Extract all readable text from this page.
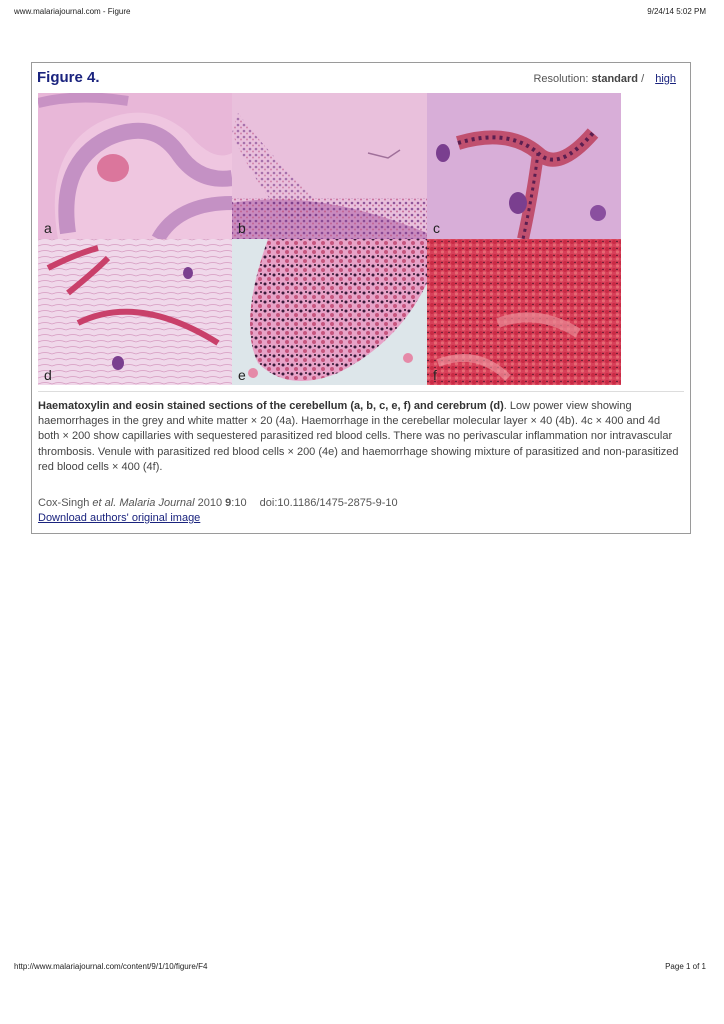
www.malariajournal.com - Figure	9/24/14 5:02 PM
Figure 4.	Resolution: standard / high
a	b	c
d	e	f
Haematoxylin and eosin stained sections of the cerebellum (a, b, c, e, f) and cerebrum (d). Low power view showing haemorrhages in the grey and white matter × 20 (4a). Haemorrhage in the cerebellar molecular layer × 40 (4b). 4c × 400 and 4d both × 200 show capillaries with sequestered parasitized red blood cells. There was no perivascular inflammation nor intravascular thrombosis. Venule with parasitized red blood cells × 200 (4e) and haemorrhage showing mixture of parasitized and non-parasitized red blood cells × 400 (4f).
Cox-Singh et al. Malaria Journal 2010 9:10 doi:10.1186/1475-2875-9-10
Download authors' original image
http://www.malariajournal.com/content/9/1/10/figure/F4	Page 1 of 1
